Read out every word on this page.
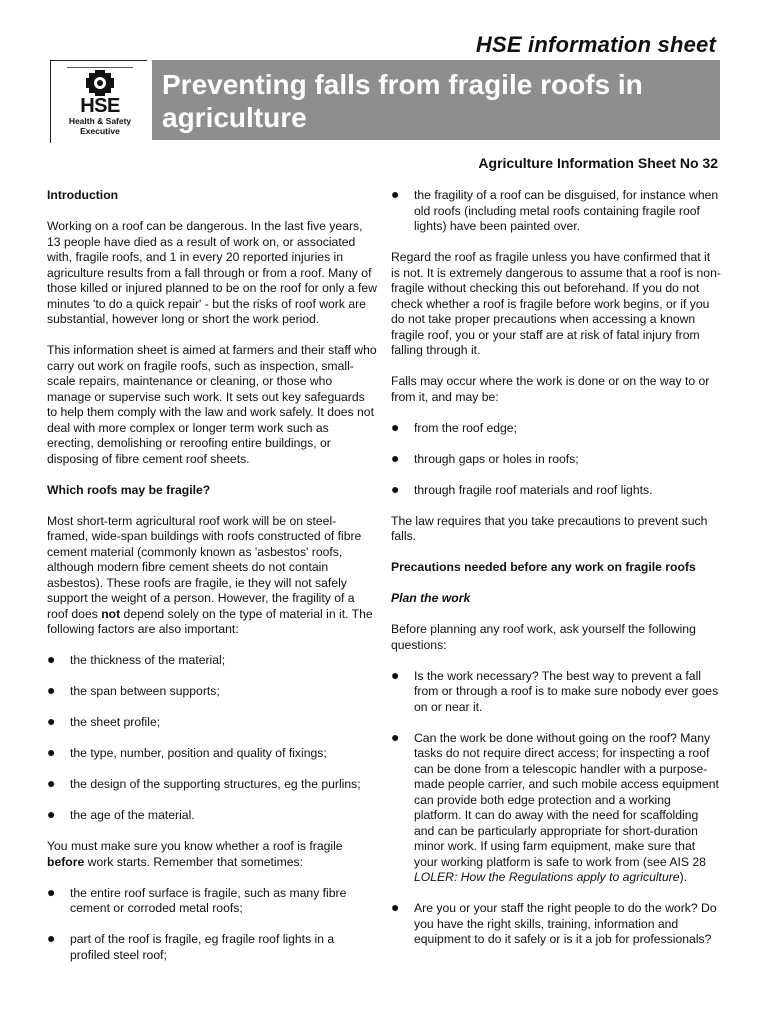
HSE information sheet
HSE
Health & Safety
Executive
Preventing falls from fragile roofs in agriculture
Agriculture Information Sheet No 32
Introduction

Working on a roof can be dangerous. In the last five years, 13 people have died as a result of work on, or associated with, fragile roofs, and 1 in every 20 reported injuries in agriculture results from a fall through or from a roof. Many of those killed or injured planned to be on the roof for only a few minutes 'to do a quick repair' - but the risks of roof work are substantial, however long or short the work period.

This information sheet is aimed at farmers and their staff who carry out work on fragile roofs, such as inspection, small-scale repairs, maintenance or cleaning, or those who manage or supervise such work. It sets out key safeguards to help them comply with the law and work safely. It does not deal with more complex or longer term work such as erecting, demolishing or reroofing entire buildings, or disposing of fibre cement roof sheets.

Which roofs may be fragile?

Most short-term agricultural roof work will be on steel-framed, wide-span buildings with roofs constructed of fibre cement material (commonly known as 'asbestos' roofs, although modern fibre cement sheets do not contain asbestos). These roofs are fragile, ie they will not safely support the weight of a person. However, the fragility of a roof does not depend solely on the type of material in it. The following factors are also important:

● the thickness of the material;
● the span between supports;
● the sheet profile;
● the type, number, position and quality of fixings;
● the design of the supporting structures, eg the purlins;
● the age of the material.

You must make sure you know whether a roof is fragile before work starts. Remember that sometimes:

● the entire roof surface is fragile, such as many fibre cement or corroded metal roofs;
● part of the roof is fragile, eg fragile roof lights in a profiled steel roof;
● the fragility of a roof can be disguised, for instance when old roofs (including metal roofs containing fragile roof lights) have been painted over.

Regard the roof as fragile unless you have confirmed that it is not. It is extremely dangerous to assume that a roof is non-fragile without checking this out beforehand. If you do not check whether a roof is fragile before work begins, or if you do not take proper precautions when accessing a known fragile roof, you or your staff are at risk of fatal injury from falling through it.

Falls may occur where the work is done or on the way to or from it, and may be:

● from the roof edge;
● through gaps or holes in roofs;
● through fragile roof materials and roof lights.

The law requires that you take precautions to prevent such falls.

Precautions needed before any work on fragile roofs
Plan the work

Before planning any roof work, ask yourself the following questions:

● Is the work necessary? The best way to prevent a fall from or through a roof is to make sure nobody ever goes on or near it.
● Can the work be done without going on the roof? Many tasks do not require direct access; for inspecting a roof can be done from a telescopic handler with a purpose-made people carrier, and such mobile access equipment can provide both edge protection and a working platform. It can do away with the need for scaffolding and can be particularly appropriate for short-duration minor work. If using farm equipment, make sure that your working platform is safe to work from (see AIS 28 LOLER: How the Regulations apply to agriculture).
● Are you or your staff the right people to do the work? Do you have the right skills, training, information and equipment to do it safely or is it a job for professionals?
